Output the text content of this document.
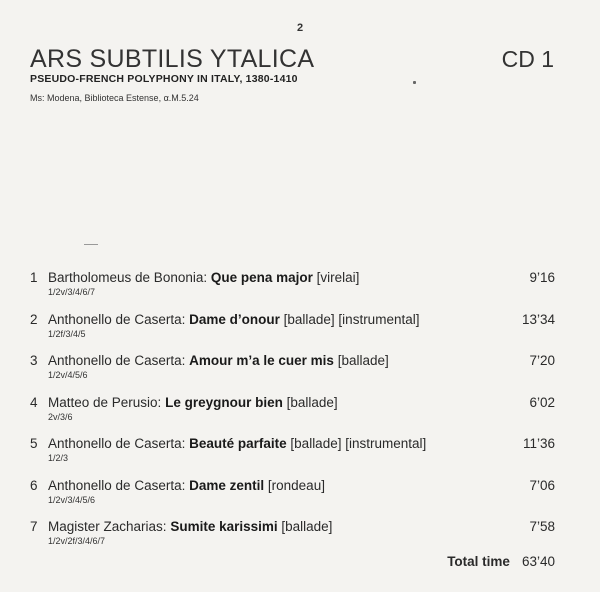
2
ARS SUBTILIS YTALICA	CD 1
PSEUDO-FRENCH POLYPHONY IN ITALY, 1380-1410
Ms: Modena, Biblioteca Estense, α.M.5.24
1 Bartholomeus de Bononia: Que pena major [virelai]	9’16
1/2v/3/4/6/7
2 Anthonello de Caserta: Dame d’onour [ballade] [instrumental]	13’34
1/2f/3/4/5
3 Anthonello de Caserta: Amour m’a le cuer mis [ballade]	7’20
1/2v/4/5/6
4 Matteo de Perusio: Le greygnour bien [ballade]	6’02
2v/3/6
5 Anthonello de Caserta: Beauté parfaite [ballade] [instrumental]	11’36
1/2/3
6 Anthonello de Caserta: Dame zentil [rondeau]	7’06
1/2v/3/4/5/6
7 Magister Zacharias: Sumite karissimi [ballade]	7’58
1/2v/2f/3/4/6/7
Total time 63’40
